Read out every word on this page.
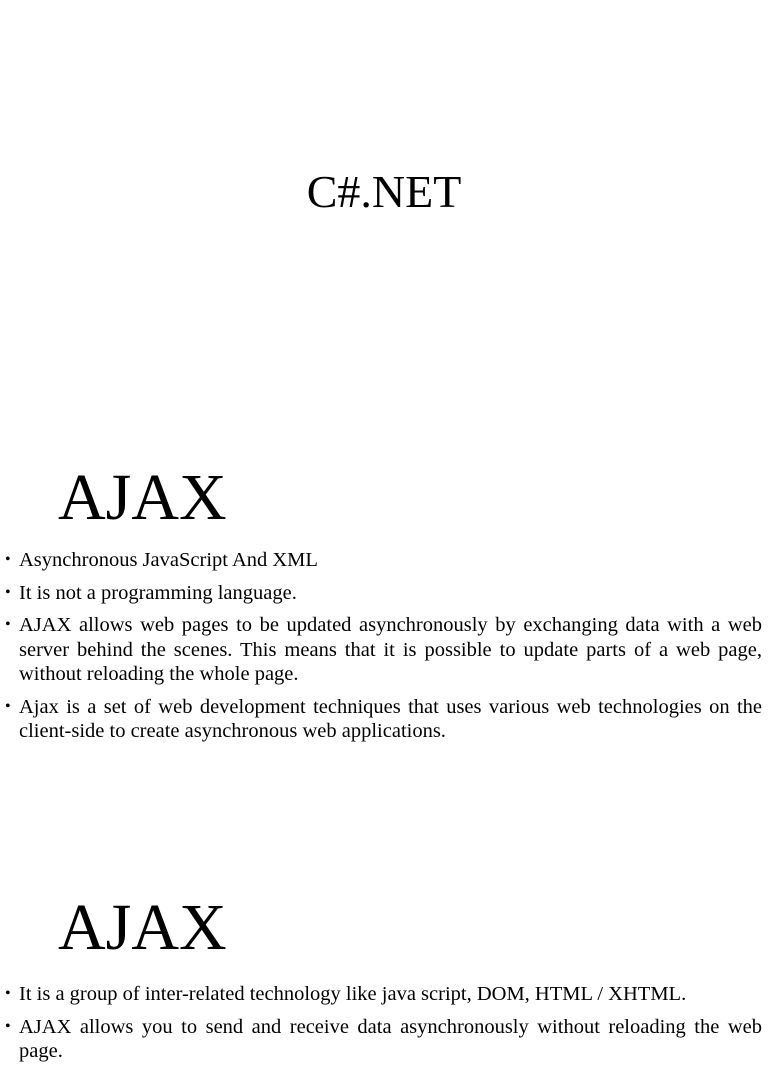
C#.NET
AJAX
• Asynchronous JavaScript And XML
• It is not a programming language.
• AJAX allows web pages to be updated asynchronously by exchanging data with a web server behind the scenes. This means that it is possible to update parts of a web page, without reloading the whole page.
• Ajax is a set of web development techniques that uses various web technologies on the client-side to create asynchronous web applications.
AJAX
• It is a group of inter-related technology like java script, DOM, HTML / XHTML.
• AJAX allows you to send and receive data asynchronously without reloading the web page.
